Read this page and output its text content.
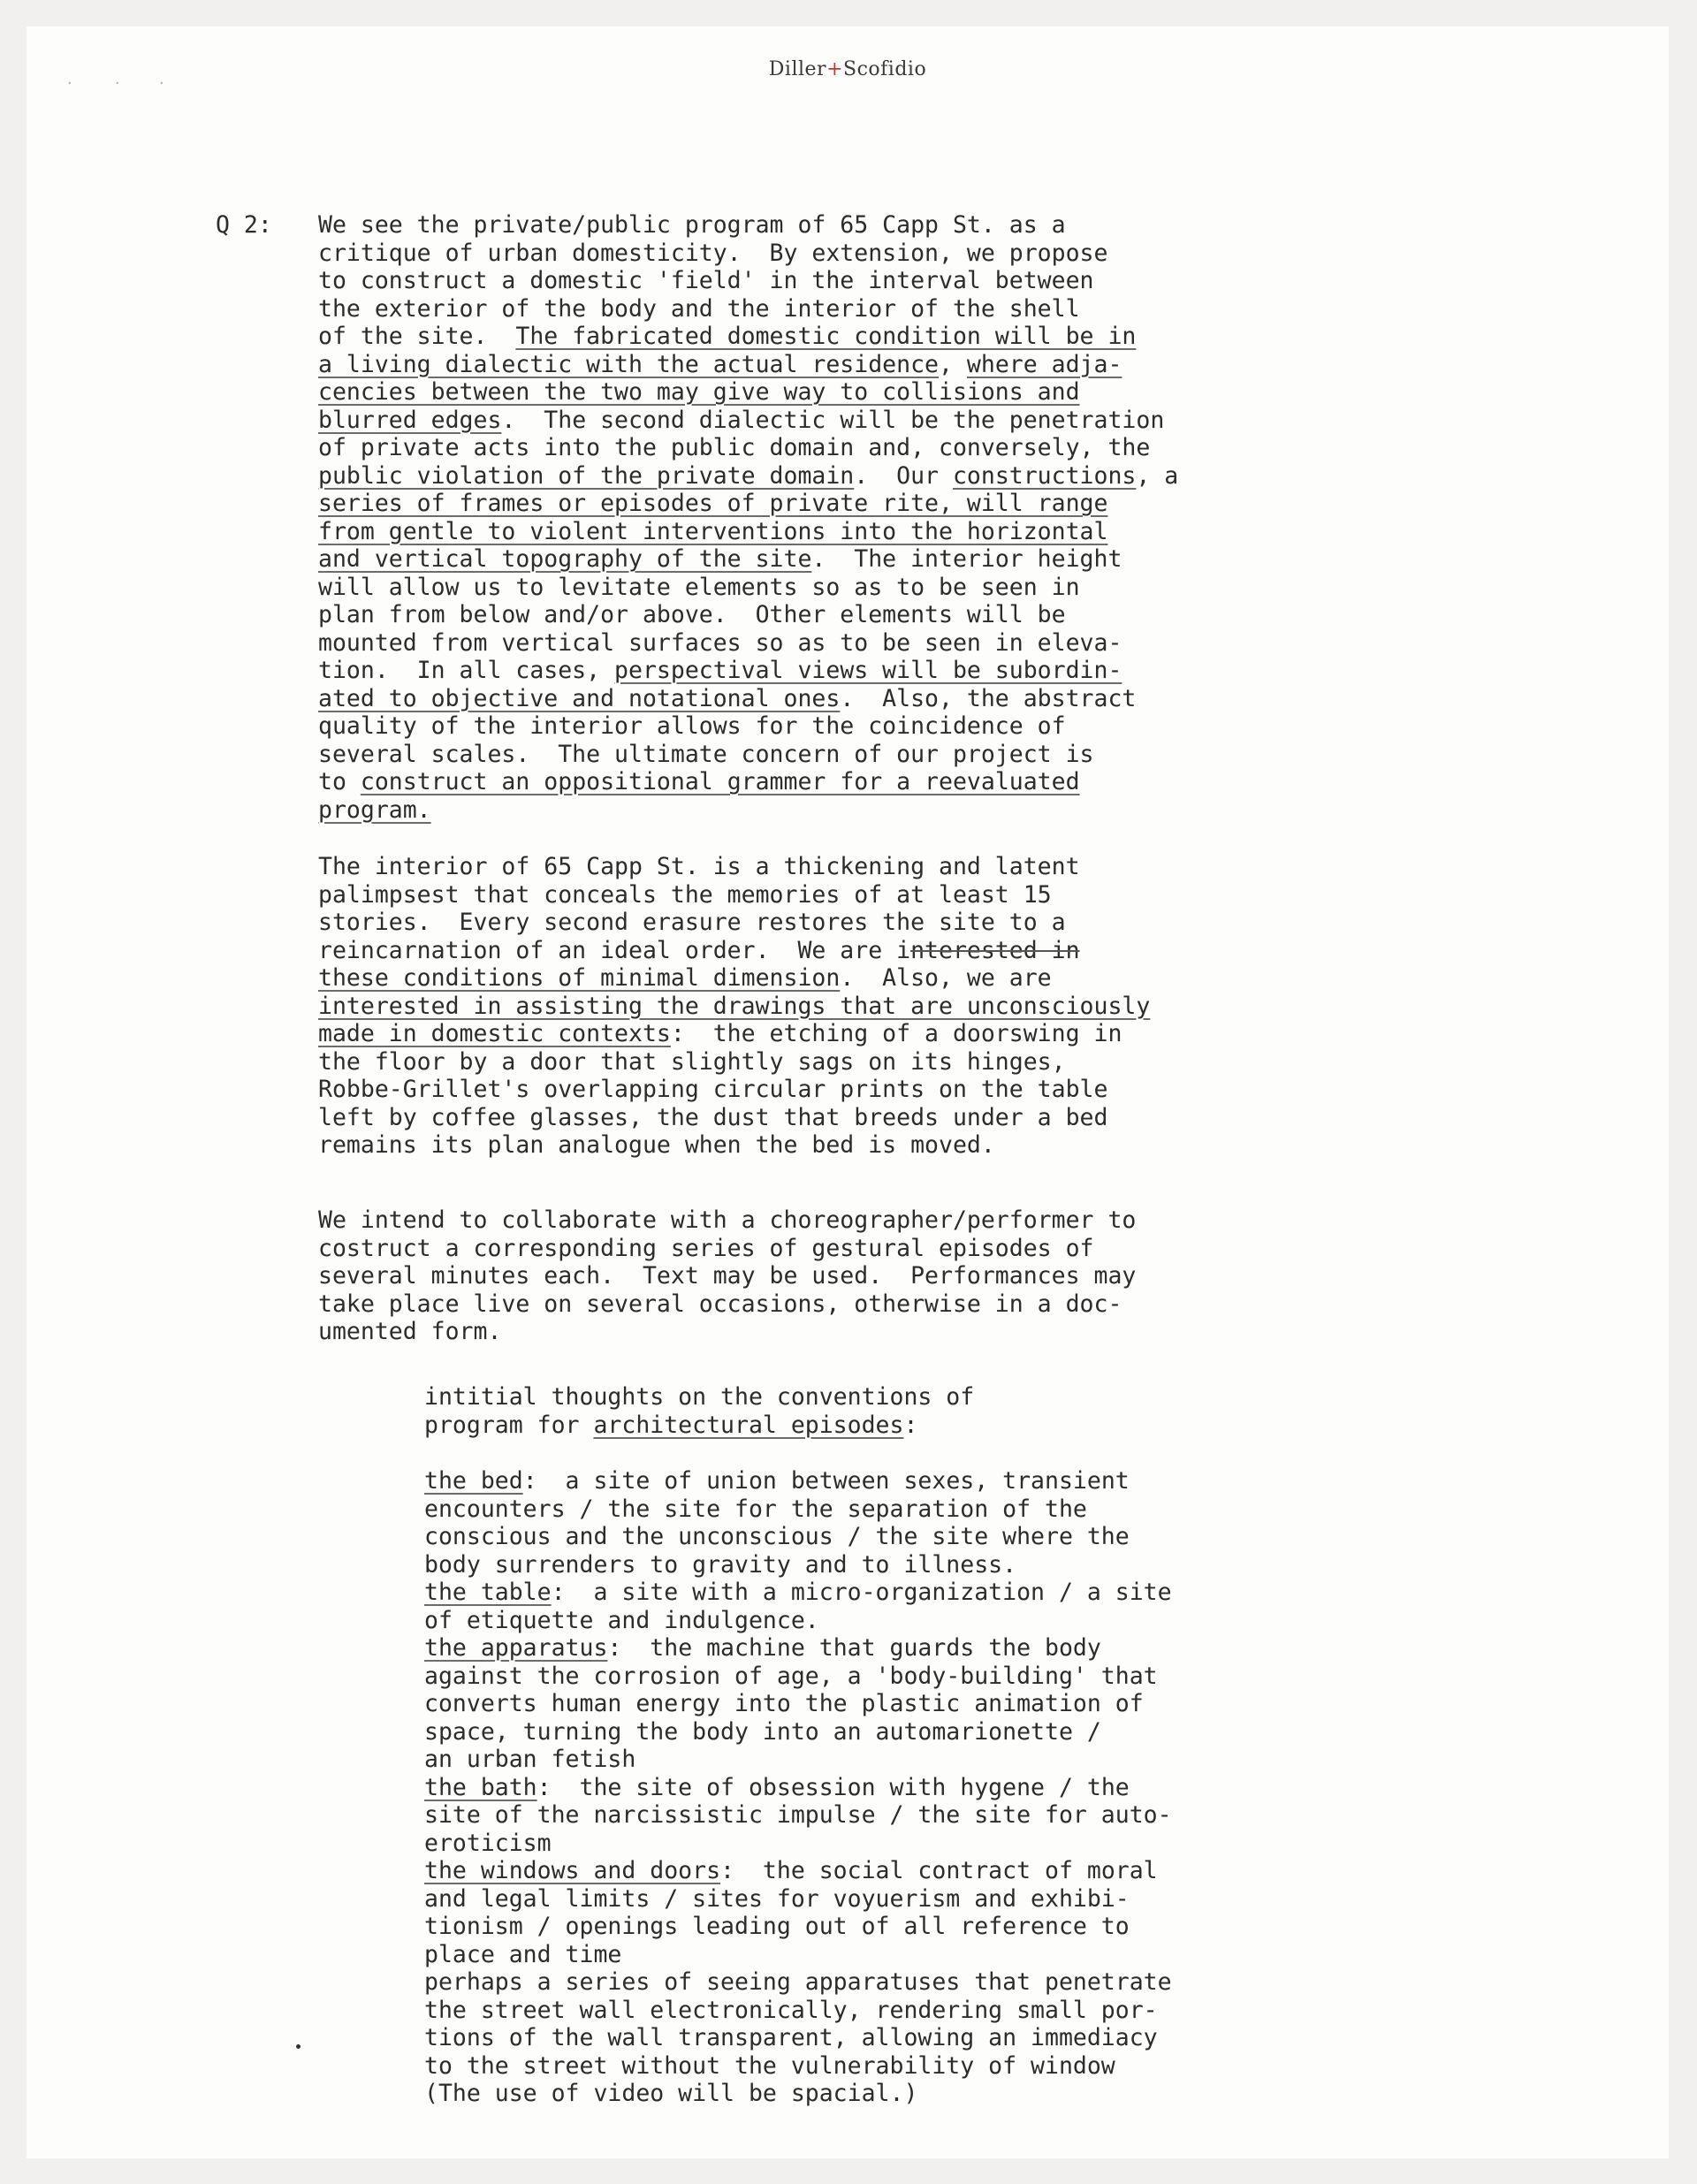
Diller+Scofidio
·	· ·
Q 2: We see the private/public program of 65 Capp St. as a
critique of urban domesticity.  By extension, we propose
to construct a domestic 'field' in the interval between
the exterior of the body and the interior of the shell
of the site.  The fabricated domestic condition will be in
a living dialectic with the actual residence, where adja-
cencies between the two may give way to collisions and
blurred edges.  The second dialectic will be the penetration
of private acts into the public domain and, conversely, the
public violation of the private domain.  Our constructions, a
series of frames or episodes of private rite, will range
from gentle to violent interventions into the horizontal
and vertical topography of the site.  The interior height
will allow us to levitate elements so as to be seen in
plan from below and/or above.  Other elements will be
mounted from vertical surfaces so as to be seen in eleva-
tion.  In all cases, perspectival views will be subordin-
ated to objective and notational ones.  Also, the abstract
quality of the interior allows for the coincidence of
several scales.  The ultimate concern of our project is
to construct an oppositional grammer for a reevaluated
program.
The interior of 65 Capp St. is a thickening and latent
palimpsest that conceals the memories of at least 15
stories.  Every second erasure restores the site to a
reincarnation of an ideal order.  We are interested in
these conditions of minimal dimension.  Also, we are
interested in assisting the drawings that are unconsciously
made in domestic contexts:  the etching of a doorswing in
the floor by a door that slightly sags on its hinges,
Robbe-Grillet's overlapping circular prints on the table
left by coffee glasses, the dust that breeds under a bed
remains its plan analogue when the bed is moved.
We intend to collaborate with a choreographer/performer to
costruct a corresponding series of gestural episodes of
several minutes each.  Text may be used.  Performances may
take place live on several occasions, otherwise in a doc-
umented form.
intitial thoughts on the conventions of
program for architectural episodes:
the bed:  a site of union between sexes, transient
encounters / the site for the separation of the
conscious and the unconscious / the site where the
body surrenders to gravity and to illness.
the table:  a site with a micro-organization / a site
of etiquette and indulgence.
the apparatus:  the machine that guards the body
against the corrosion of age, a 'body-building' that
converts human energy into the plastic animation of
space, turning the body into an automarionette /
an urban fetish
the bath:  the site of obsession with hygene / the
site of the narcissistic impulse / the site for auto-
eroticism
the windows and doors:  the social contract of moral
and legal limits / sites for voyuerism and exhibi-
tionism / openings leading out of all reference to
place and time
perhaps a series of seeing apparatuses that penetrate
the street wall electronically, rendering small por-
tions of the wall transparent, allowing an immediacy
to the street without the vulnerability of window
(The use of video will be spacial.)
